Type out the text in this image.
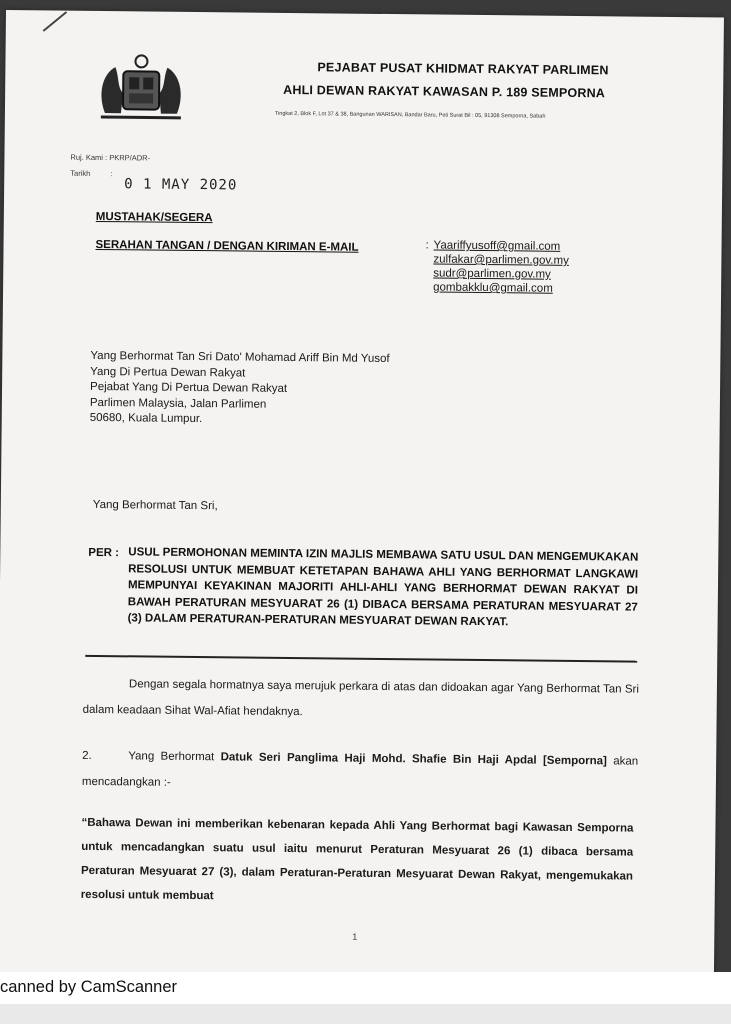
PEJABAT PUSAT KHIDMAT RAKYAT PARLIMEN
AHLI DEWAN RAKYAT KAWASAN P. 189 SEMPORNA
Tingkat 2, Blok F, Lot 37 & 38, Bangunan WARISAN, Bandar Baru, Peti Surat Bil : 05, 91308 Semporna, Sabah
Ruj. Kami : PKRP/ADR-
Tarikh	:
0 1 MAY 2020
MUSTAHAK/SEGERA
SERAHAN TANGAN / DENGAN KIRIMAN E-MAIL	: Yaariffyusoff@gmail.com
zulfakar@parlimen.gov.my
sudr@parlimen.gov.my
gombakklu@gmail.com
Yang Berhormat Tan Sri Dato' Mohamad Ariff Bin Md Yusof
Yang Di Pertua Dewan Rakyat
Pejabat Yang Di Pertua Dewan Rakyat
Parlimen Malaysia, Jalan Parlimen
50680, Kuala Lumpur.
Yang Berhormat Tan Sri,
PER : USUL PERMOHONAN MEMINTA IZIN MAJLIS MEMBAWA SATU USUL DAN MENGEMUKAKAN RESOLUSI UNTUK MEMBUAT KETETAPAN BAHAWA AHLI YANG BERHORMAT LANGKAWI MEMPUNYAI KEYAKINAN MAJORITI AHLI-AHLI YANG BERHORMAT DEWAN RAKYAT DI BAWAH PERATURAN MESYUARAT 26 (1) DIBACA BERSAMA PERATURAN MESYUARAT 27 (3) DALAM PERATURAN-PERATURAN MESYUARAT DEWAN RAKYAT.
Dengan segala hormatnya saya merujuk perkara di atas dan didoakan agar Yang Berhormat Tan Sri dalam keadaan Sihat Wal-Afiat hendaknya.
2.	Yang Berhormat Datuk Seri Panglima Haji Mohd. Shafie Bin Haji Apdal [Semporna] akan mencadangkan :-
“Bahawa Dewan ini memberikan kebenaran kepada Ahli Yang Berhormat bagi Kawasan Semporna untuk mencadangkan suatu usul iaitu menurut Peraturan Mesyuarat 26 (1) dibaca bersama Peraturan Mesyuarat 27 (3), dalam Peraturan-Peraturan Mesyuarat Dewan Rakyat, mengemukakan resolusi untuk membuat
1
canned by CamScanner
